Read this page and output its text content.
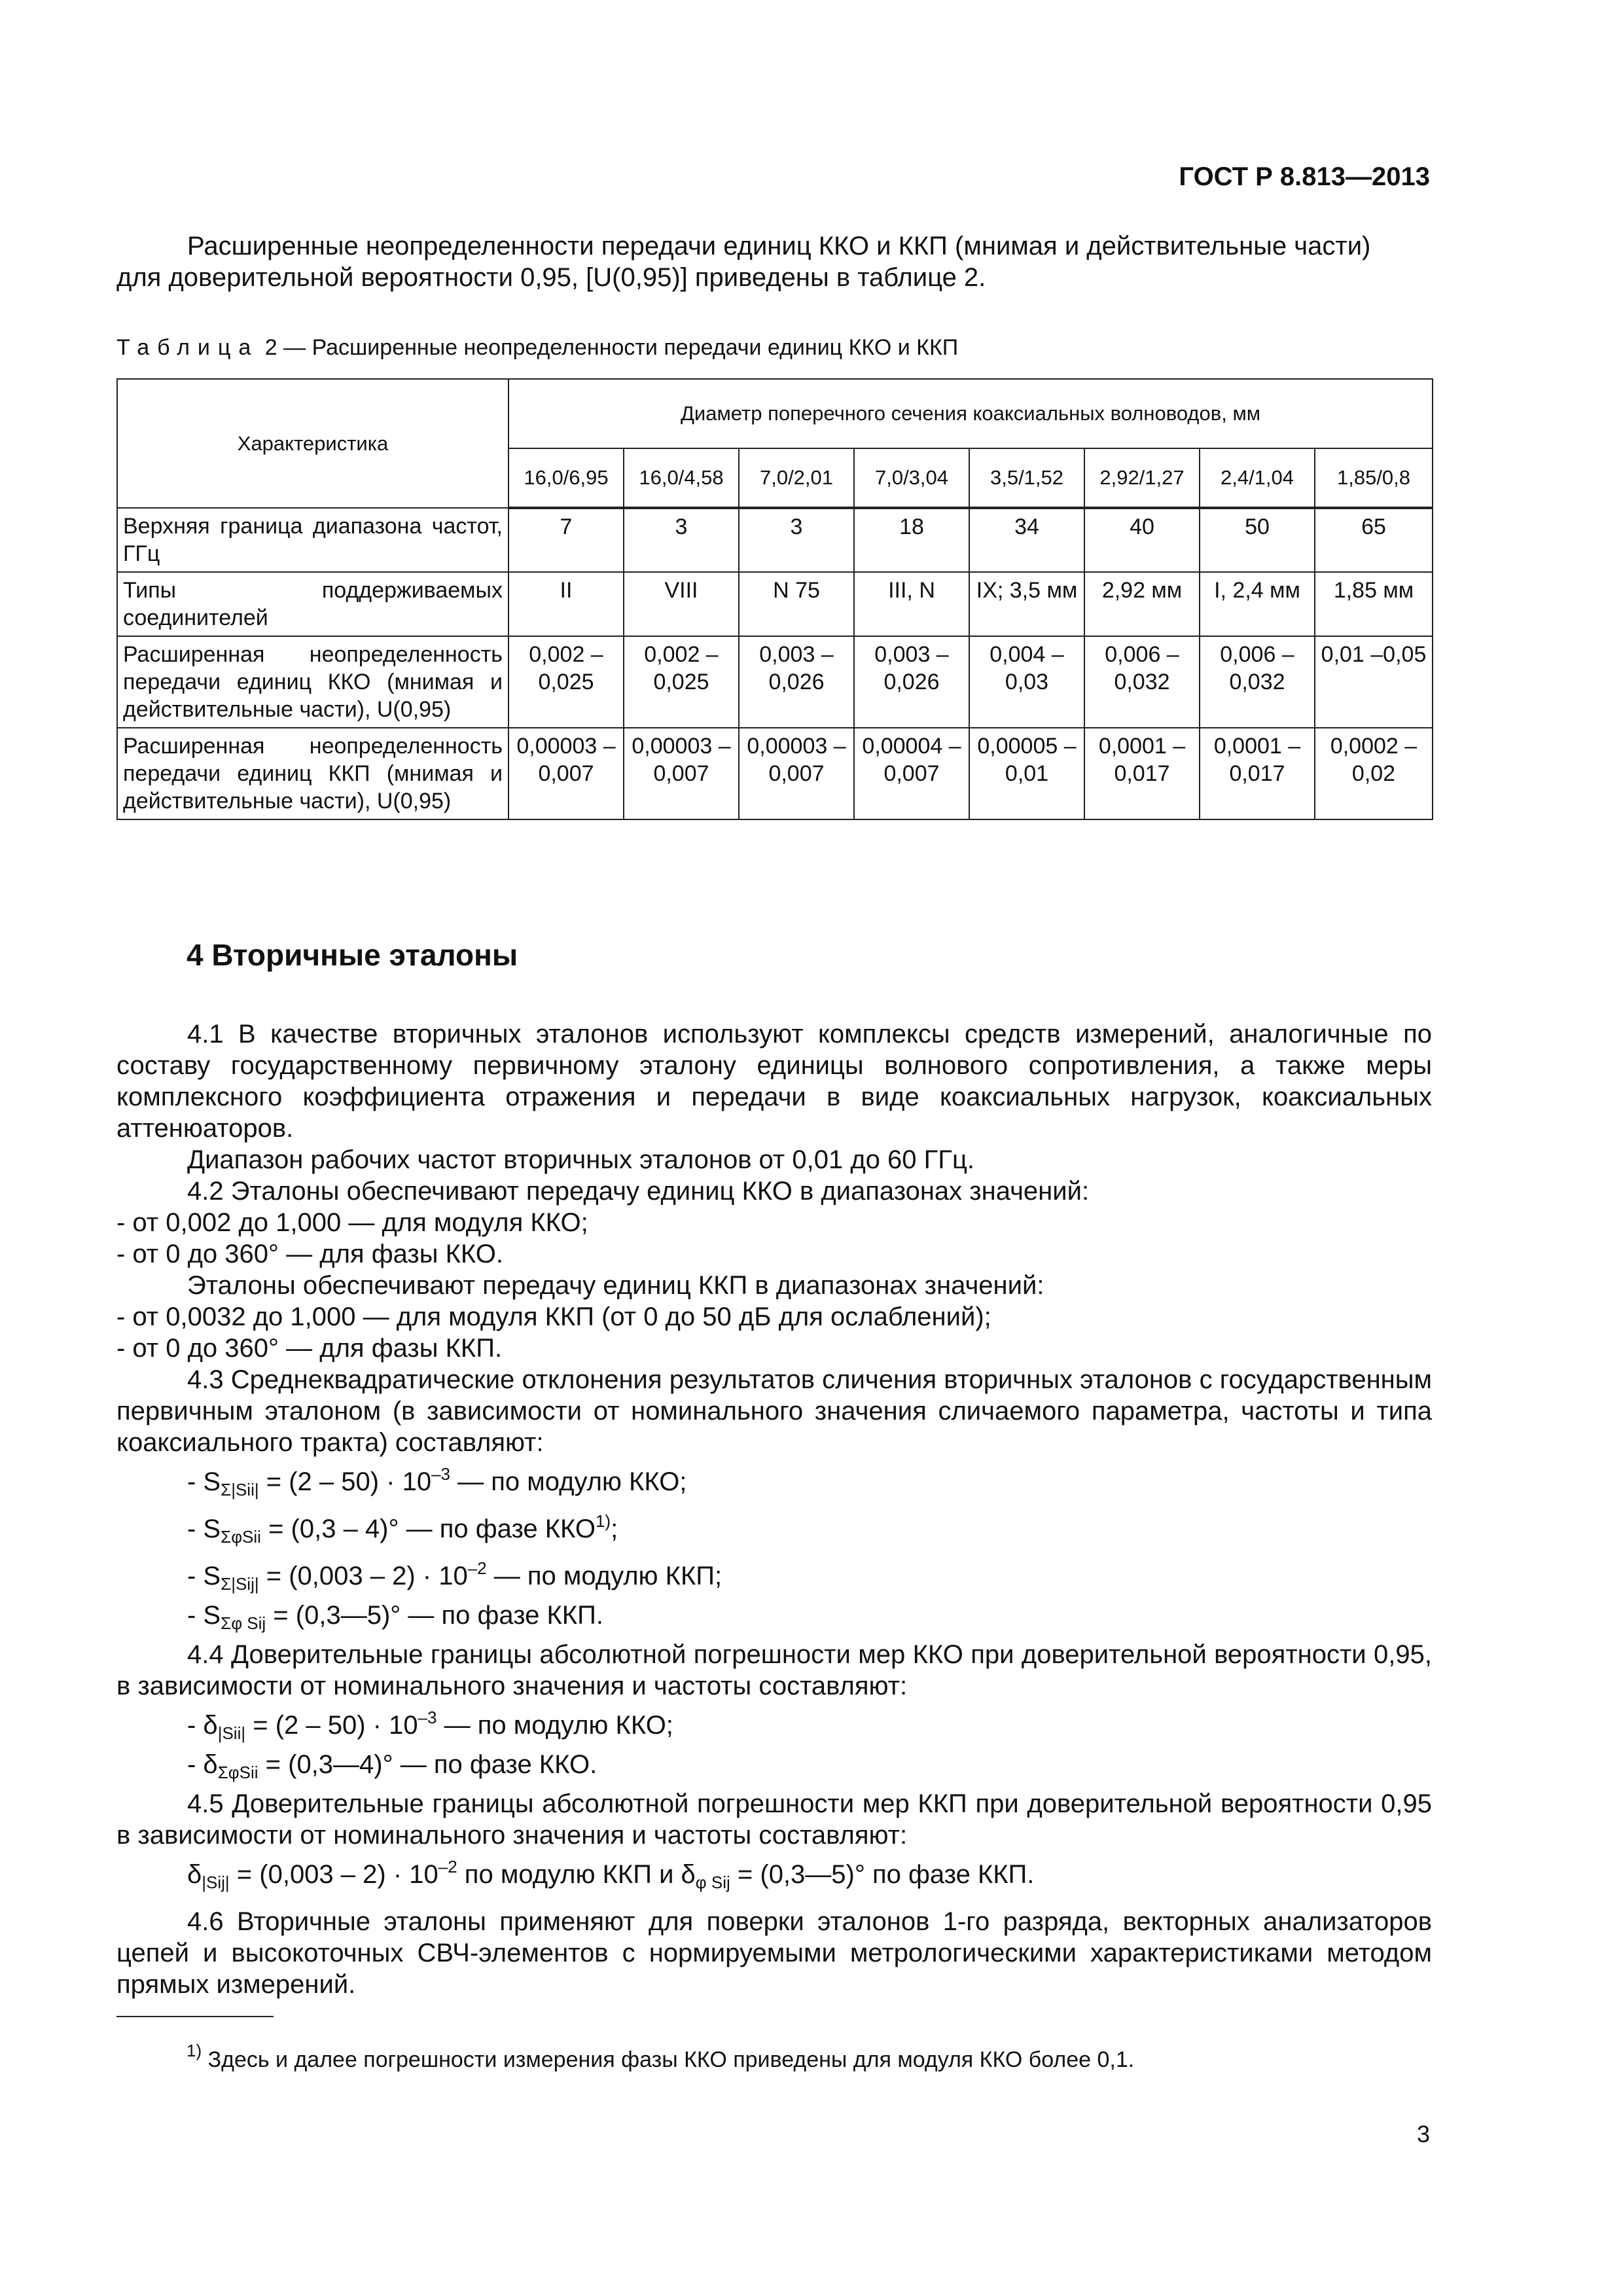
ГОСТ Р 8.813—2013
Расширенные неопределенности передачи единиц ККО и ККП (мнимая и действительные части)
для доверительной вероятности 0,95, [U(0,95)] приведены в таблице 2.
Таблица 2 — Расширенные неопределенности передачи единиц ККО и ККП
Характеристика	Диаметр поперечного сечения коаксиальных волноводов, мм							
	16,0/6,95	16,0/4,58	7,0/2,01	7,0/3,04	3,5/1,52	2,92/1,27	2,4/1,04	1,85/0,8
Верхняя граница диапазона частот, ГГц	7	3	3	18	34	40	50	65
Типы поддерживаемых соединителей	II	VIII	N 75	III, N	IX; 3,5 мм	2,92 мм	I, 2,4 мм	1,85 мм
Расширенная неопределенность передачи единиц ККО (мнимая и действительные части), U(0,95)	0,002 –0,025	0,002 –0,025	0,003 –0,026	0,003 –0,026	0,004 –0,03	0,006 –0,032	0,006 –0,032	0,01 –0,05
Расширенная неопределенность передачи единиц ККП (мнимая и действительные части), U(0,95)	0,00003 –0,007	0,00003 –0,007	0,00003 –0,007	0,00004 –0,007	0,00005 –0,01	0,0001 –0,017	0,0001 –0,017	0,0002 –0,02
4 Вторичные эталоны

4.1 В качестве вторичных эталонов используют комплексы средств измерений, аналогичные по составу государственному первичному эталону единицы волнового сопротивления, а также меры комплексного коэффициента отражения и передачи в виде коаксиальных нагрузок, коаксиальных аттенюаторов.

Диапазон рабочих частот вторичных эталонов от 0,01 до 60 ГГц.

4.2 Эталоны обеспечивают передачу единиц ККО в диапазонах значений:

- от 0,002 до 1,000 — для модуля ККО;

- от 0 до 360° — для фазы ККО.

Эталоны обеспечивают передачу единиц ККП в диапазонах значений:

- от 0,0032 до 1,000 — для модуля ККП (от 0 до 50 дБ для ослаблений);

- от 0 до 360° — для фазы ККП.

4.3 Среднеквадратические отклонения результатов сличения вторичных эталонов с государственным первичным эталоном (в зависимости от номинального значения сличаемого параметра, частоты и типа коаксиального тракта) составляют:

- $S_{\Sigma|Sii|} = (2 - 50) \cdot 10^{-3}$ — по модулю ККО;

- $S_{\Sigma\varphi Sii} = (0,3 - 4)^\circ$ — по фазе ККО$^{1)}$;

- $S_{\Sigma|Sij|} = (0,003 - 2) \cdot 10^{-2}$ — по модулю ККП;

- $S_{\Sigma\varphi Sij}$ = (0,3—5)° — по фазе ККП.

4.4 Доверительные границы абсолютной погрешности мер ККО при доверительной вероятности 0,95, в зависимости от номинального значения и частоты составляют:

- $\delta_{|Sii|} = (2 - 50) \cdot 10^{-3}$ — по модулю ККО;

- $\delta_{\Sigma\varphi Sii}$ = (0,3—4)° — по фазе ККО.

4.5 Доверительные границы абсолютной погрешности мер ККП при доверительной вероятности 0,95 в зависимости от номинального значения и частоты составляют:

$\delta_{|Sij|} = (0,003 - 2) \cdot 10^{-2}$ по модулю ККП и $\delta_{\varphi Sij}$ = (0,3—5)° по фазе ККП.

4.6 Вторичные эталоны применяют для поверки эталонов 1-го разряда, векторных анализаторов цепей и высокоточных СВЧ-элементов с нормируемыми метрологическими характеристиками методом прямых измерений.

$^{1)}$ Здесь и далее погрешности измерения фазы ККО приведены для модуля ККО более 0,1.
3
